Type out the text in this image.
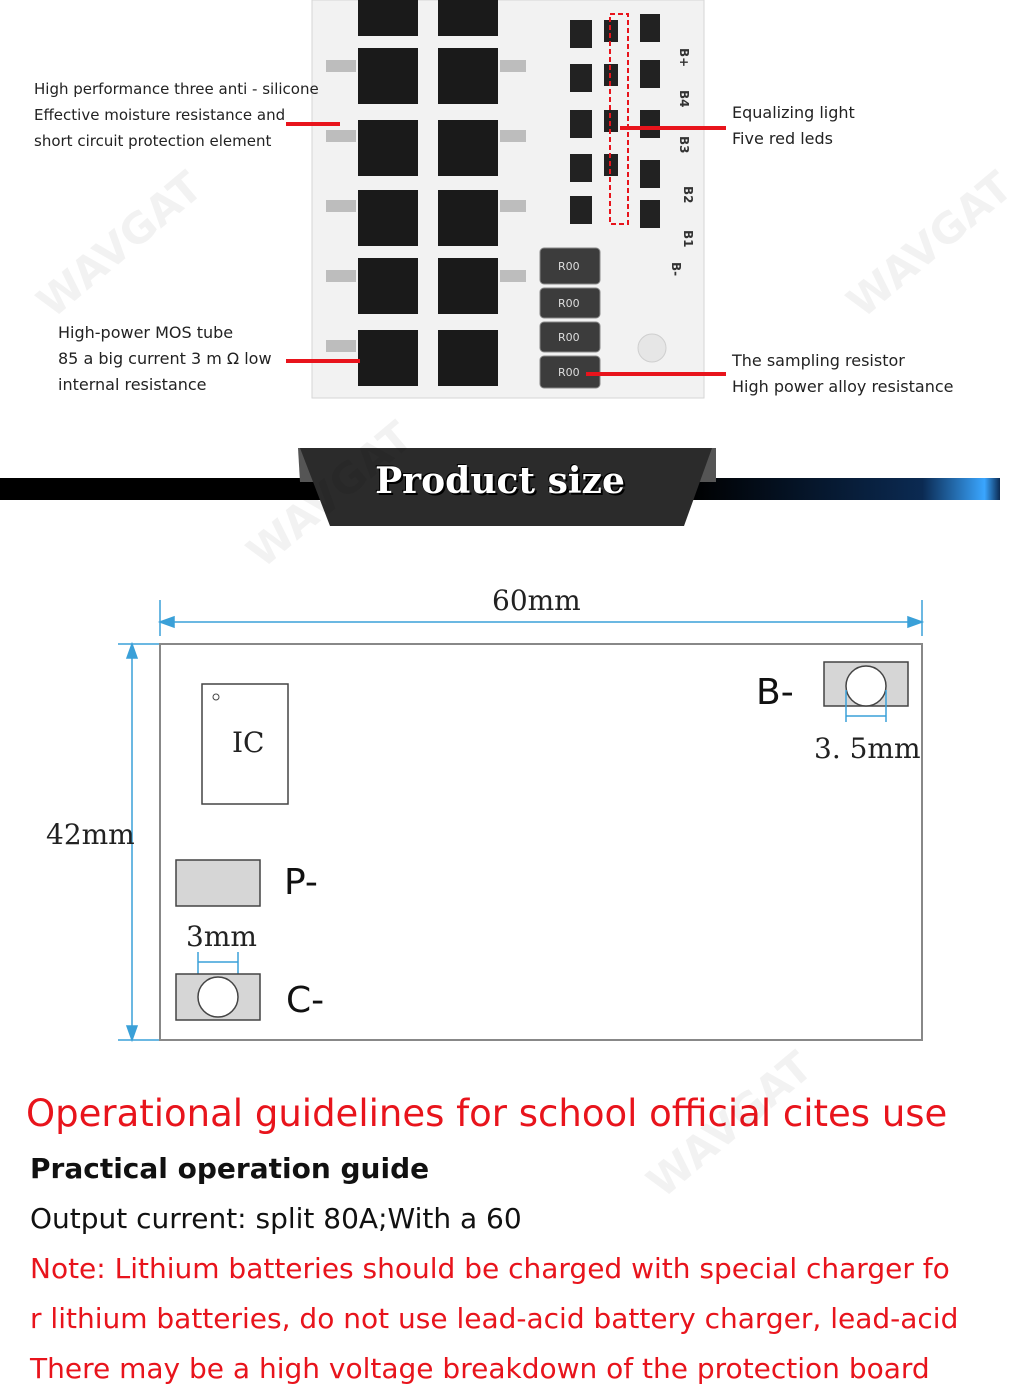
R00
R00
R00
R00
B+
B4
B3
B2
B1
B-
High performance three anti - silicone
Effective moisture resistance and
short circuit protection element
High-power MOS tube
85 a big current 3 m Ω low
internal resistance
Equalizing light
Five red leds
The sampling resistor
High power alloy resistance
Product size
60mm
42mm
IC
B-
3. 5mm
P-
3mm
C-
Operational guidelines for school official cites use
Practical operation guide
Output current: split 80A;With a 60
Note: Lithium batteries should be charged with special charger fo
r lithium batteries, do not use lead-acid battery charger, lead-acid
There may be a high voltage breakdown of the protection board
WAVGAT	WAVGAT
WAVGAT
